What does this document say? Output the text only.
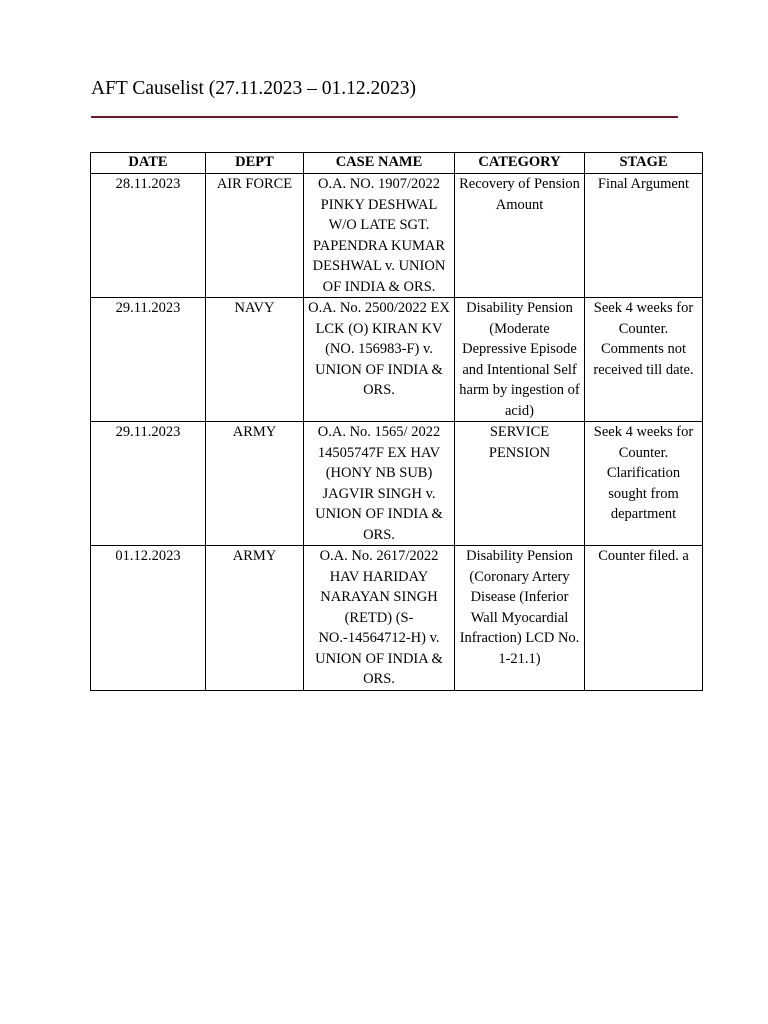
AFT Causelist (27.11.2023 – 01.12.2023)
DATE	DEPT	CASE NAME	CATEGORY	STAGE
28.11.2023	AIR FORCE	O.A. NO. 1907/2022 PINKY DESHWAL W/O LATE SGT. PAPENDRA KUMAR DESHWAL v. UNION OF INDIA & ORS.	Recovery of Pension Amount	Final Argument
29.11.2023	NAVY	O.A. No. 2500/2022 EX LCK (O) KIRAN KV (NO. 156983-F) v. UNION OF INDIA & ORS.	Disability Pension (Moderate Depressive Episode and Intentional Self harm by ingestion of acid)	Seek 4 weeks for Counter. Comments not received till date.
29.11.2023	ARMY	O.A. No. 1565/ 2022 14505747F EX HAV (HONY NB SUB) JAGVIR SINGH v. UNION OF INDIA & ORS.	SERVICE PENSION	Seek 4 weeks for Counter. Clarification sought from department
01.12.2023	ARMY	O.A. No. 2617/2022 HAV HARIDAY NARAYAN SINGH (RETD) (S-NO.-14564712-H) v. UNION OF INDIA & ORS.	Disability Pension (Coronary Artery Disease (Inferior Wall Myocardial Infraction) LCD No. 1-21.1)	Counter filed. a
